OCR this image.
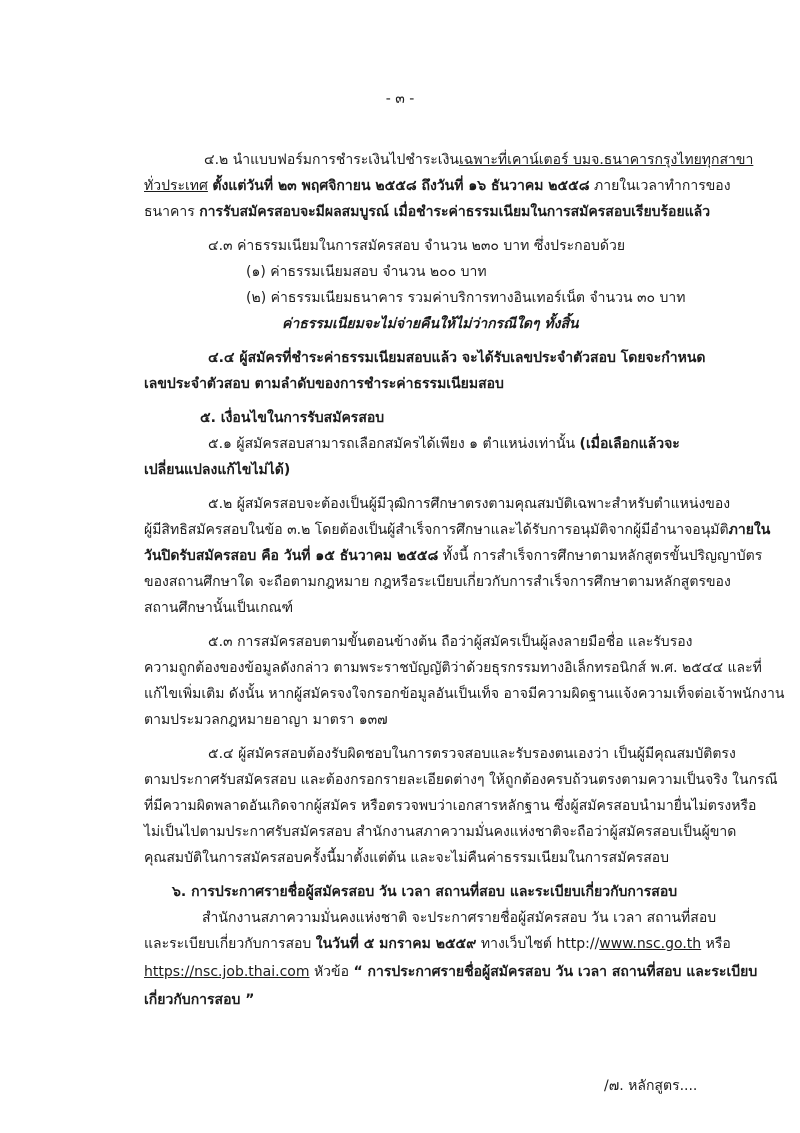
- ๓ -
๔.๒ นำแบบฟอร์มการชำระเงินไปชำระเงินเฉพาะที่เคาน์เตอร์ บมจ.ธนาคารกรุงไทยทุกสาขา
ทั่วประเทศ ตั้งแต่วันที่ ๒๓ พฤศจิกายน ๒๕๕๘ ถึงวันที่ ๑๖ ธันวาคม ๒๕๕๘ ภายในเวลาทำการของ
ธนาคาร การรับสมัครสอบจะมีผลสมบูรณ์ เมื่อชำระค่าธรรมเนียมในการสมัครสอบเรียบร้อยแล้ว
๔.๓ ค่าธรรมเนียมในการสมัครสอบ จำนวน ๒๓๐ บาท ซึ่งประกอบด้วย
(๑) ค่าธรรมเนียมสอบ จำนวน ๒๐๐ บาท
(๒) ค่าธรรมเนียมธนาคาร รวมค่าบริการทางอินเทอร์เน็ต จำนวน ๓๐ บาท
ค่าธรรมเนียมจะไม่จ่ายคืนให้ไม่ว่ากรณีใดๆ ทั้งสิ้น
๔.๔ ผู้สมัครที่ชำระค่าธรรมเนียมสอบแล้ว จะได้รับเลขประจำตัวสอบ โดยจะกำหนด
เลขประจำตัวสอบ ตามลำดับของการชำระค่าธรรมเนียมสอบ
๕. เงื่อนไขในการรับสมัครสอบ
๕.๑ ผู้สมัครสอบสามารถเลือกสมัครได้เพียง ๑ ตำแหน่งเท่านั้น (เมื่อเลือกแล้วจะ
เปลี่ยนแปลงแก้ไขไม่ได้)
๕.๒ ผู้สมัครสอบจะต้องเป็นผู้มีวุฒิการศึกษาตรงตามคุณสมบัติเฉพาะสำหรับตำแหน่งของ
ผู้มีสิทธิสมัครสอบในข้อ ๓.๒ โดยต้องเป็นผู้สำเร็จการศึกษาและได้รับการอนุมัติจากผู้มีอำนาจอนุมัติภายใน
วันปิดรับสมัครสอบ คือ วันที่ ๑๕ ธันวาคม ๒๕๕๘ ทั้งนี้ การสำเร็จการศึกษาตามหลักสูตรขั้นปริญญาบัตร
ของสถานศึกษาใด จะถือตามกฎหมาย กฎหรือระเบียบเกี่ยวกับการสำเร็จการศึกษาตามหลักสูตรของ
สถานศึกษานั้นเป็นเกณฑ์
๕.๓ การสมัครสอบตามขั้นตอนข้างต้น ถือว่าผู้สมัครเป็นผู้ลงลายมือชื่อ และรับรอง
ความถูกต้องของข้อมูลดังกล่าว ตามพระราชบัญญัติว่าด้วยธุรกรรมทางอิเล็กทรอนิกส์ พ.ศ. ๒๕๔๔ และที่
แก้ไขเพิ่มเติม ดังนั้น หากผู้สมัครจงใจกรอกข้อมูลอันเป็นเท็จ อาจมีความผิดฐานแจ้งความเท็จต่อเจ้าพนักงาน
ตามประมวลกฎหมายอาญา มาตรา ๑๓๗
๕.๔ ผู้สมัครสอบต้องรับผิดชอบในการตรวจสอบและรับรองตนเองว่า เป็นผู้มีคุณสมบัติตรง
ตามประกาศรับสมัครสอบ และต้องกรอกรายละเอียดต่างๆ ให้ถูกต้องครบถ้วนตรงตามความเป็นจริง ในกรณี
ที่มีความผิดพลาดอันเกิดจากผู้สมัคร หรือตรวจพบว่าเอกสารหลักฐาน ซึ่งผู้สมัครสอบนำมายื่นไม่ตรงหรือ
ไม่เป็นไปตามประกาศรับสมัครสอบ สำนักงานสภาความมั่นคงแห่งชาติจะถือว่าผู้สมัครสอบเป็นผู้ขาด
คุณสมบัติในการสมัครสอบครั้งนี้มาตั้งแต่ต้น และจะไม่คืนค่าธรรมเนียมในการสมัครสอบ
๖. การประกาศรายชื่อผู้สมัครสอบ วัน เวลา สถานที่สอบ และระเบียบเกี่ยวกับการสอบ
สำนักงานสภาความมั่นคงแห่งชาติ จะประกาศรายชื่อผู้สมัครสอบ วัน เวลา สถานที่สอบ
และระเบียบเกี่ยวกับการสอบ ในวันที่ ๕ มกราคม ๒๕๕๙ ทางเว็บไซต์ http://www.nsc.go.th หรือ
https://nsc.job.thai.com หัวข้อ “ การประกาศรายชื่อผู้สมัครสอบ วัน เวลา สถานที่สอบ และระเบียบ
เกี่ยวกับการสอบ ”
/๗. หลักสูตร....
